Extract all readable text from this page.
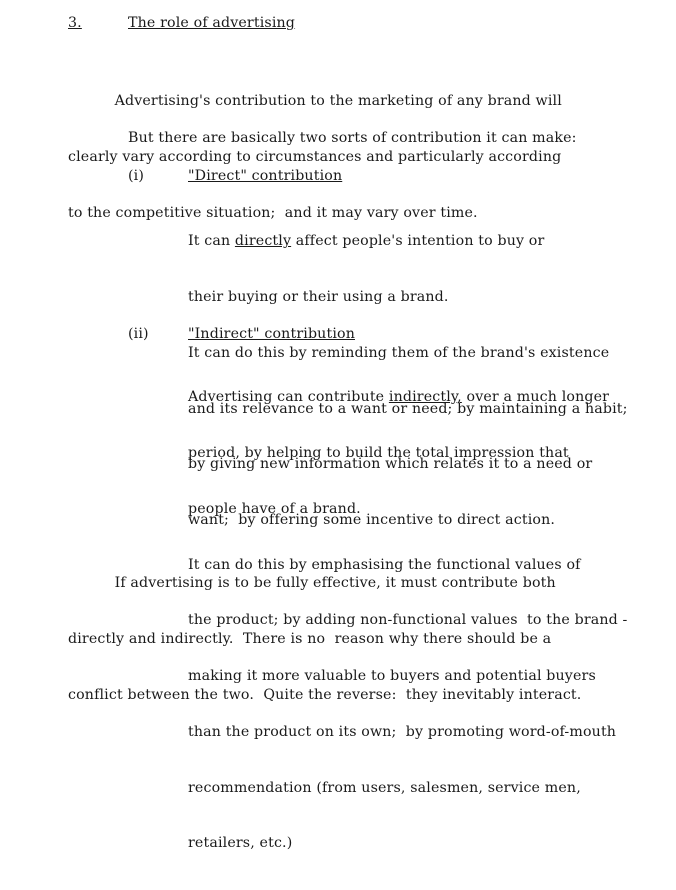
3.	The role of advertising

Advertising's contribution to the marketing of any brand will

clearly vary according to circumstances and particularly according

to the competitive situation;  and it may vary over time.

But there are basically two sorts of contribution it can make:
(i)	"Direct" contribution

It can directly affect people's intention to buy or

their buying or their using a brand.

It can do this by reminding them of the brand's existence

and its relevance to a want or need; by maintaining a habit;

by giving new information which relates it to a need or

want;  by offering some incentive to direct action.

(ii)	"Indirect" contribution

Advertising can contribute indirectly, over a much longer

period, by helping to build the total impression that

people have of a brand.

It can do this by emphasising the functional values of

the product; by adding non-functional values  to the brand -

making it more valuable to buyers and potential buyers

than the product on its own;  by promoting word-of-mouth

recommendation (from users, salesmen, service men,

retailers, etc.)

If advertising is to be fully effective, it must contribute both

directly and indirectly.  There is no  reason why there should be a

conflict between the two.  Quite the reverse:  they inevitably interact.
